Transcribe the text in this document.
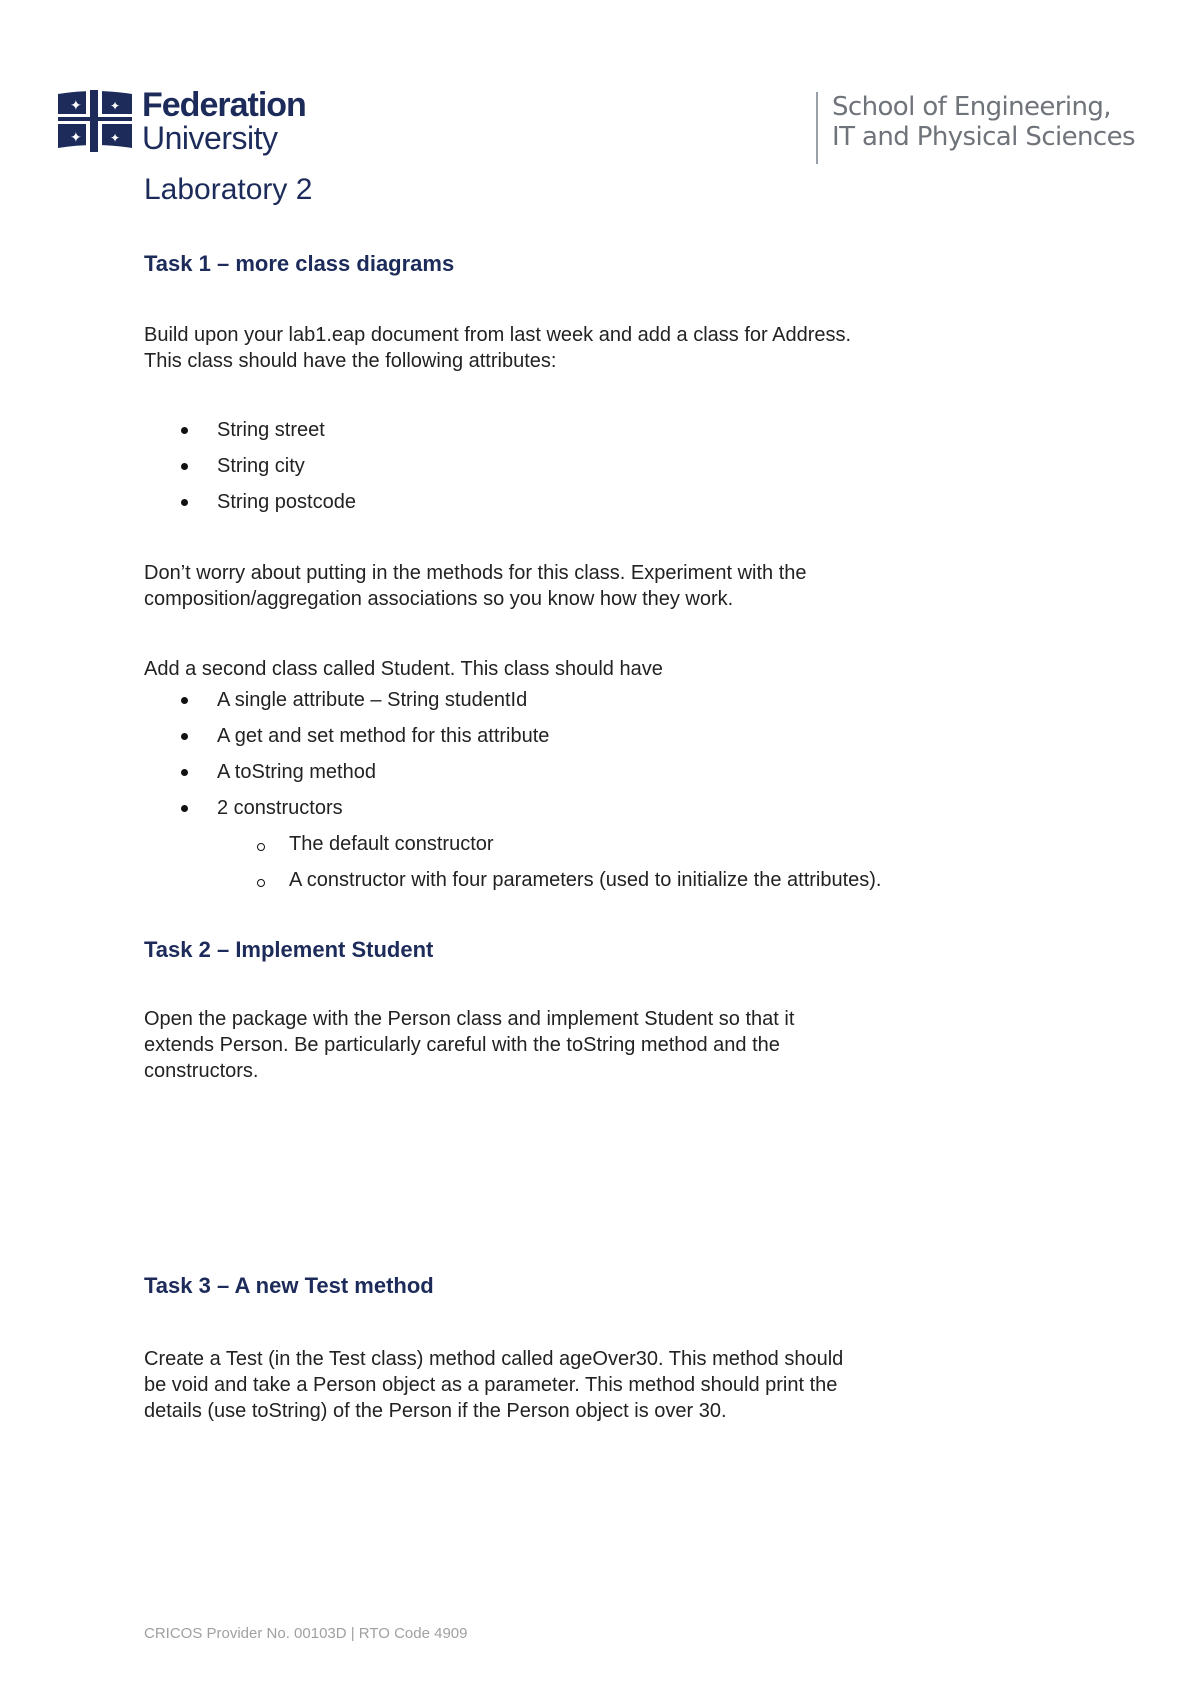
✦
✦
✦
✦
Federation
University
School of Engineering,
IT and Physical Sciences
Laboratory 2
Task 1 – more class diagrams

Build upon your lab1.eap document from last week and add a class for Address.
This class should have the following attributes:

String street
String city
String postcode

Don’t worry about putting in the methods for this class. Experiment with the
composition/aggregation associations so you know how they work.

Add a second class called Student. This class should have

A single attribute – String studentId
A get and set method for this attribute
A toString method
2 constructors
The default constructor
A constructor with four parameters (used to initialize the attributes).
Task 2 – Implement Student

Open the package with the Person class and implement Student so that it
extends Person. Be particularly careful with the toString method and the
constructors.

Task 3 – A new Test method

Create a Test (in the Test class) method called ageOver30. This method should
be void and take a Person object as a parameter. This method should print the
details (use toString) of the Person if the Person object is over 30.

CRICOS Provider No. 00103D | RTO Code 4909
